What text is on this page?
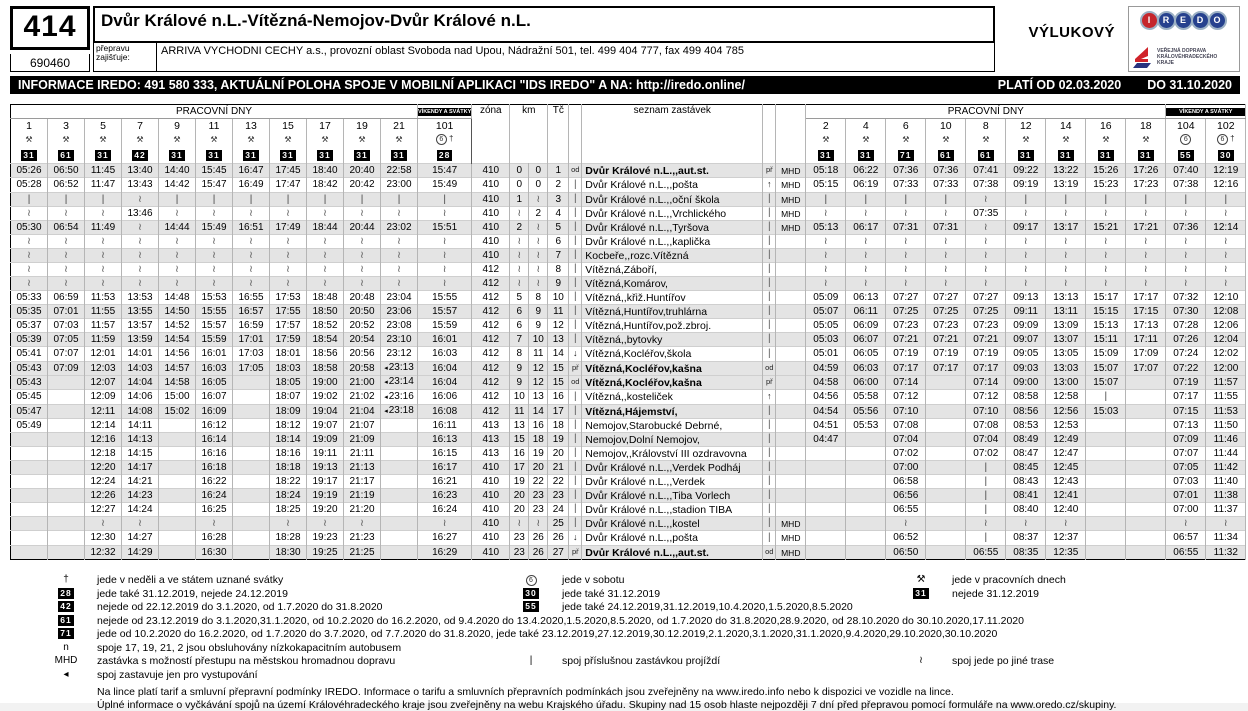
414
690460
Dvůr Králové n.L.-Vítězná-Nemojov-Dvůr Králové n.L.
VÝLUKOVÝ
přepravu zajišťuje:	ARRIVA VYCHODNI CECHY a.s., provozní oblast Svoboda nad Upou, Nádražní 501, tel. 499 404 777, fax 499 404 785
I	R	E	D	O
VEŘEJNÁ DOPRAVA
KRÁLOVÉHRADECKÉHO
KRAJE
INFORMACE IREDO: 491 580 333, AKTUÁLNÍ POLOHA SPOJE V MOBILNÍ APLIKACI "IDS IREDO" A NA: http://iredo.online/	PLATÍ OD 02.03.2020 DO 31.10.2020
PRACOVNÍ DNY											VÍKENDY A SVÁTKY	zóna	km		Tč		seznam zastávek			PRACOVNÍ DNY									VÍKENDY A SVÁTKY	

1	3	5	7	9	11	13	15	17	19	21	101									2	4	6	10	8	12	14	16	18	104	102
⚒	⚒	⚒	⚒	⚒	⚒	⚒	⚒	⚒	⚒	⚒	6 †									⚒	⚒	⚒	⚒	⚒	⚒	⚒	⚒	⚒	6	6 †
31	61	31	42	31	31	31	31	31	31	31	28									31	31	71	61	61	31	31	31	31	55	30
05:26	06:50	11:45	13:40	14:40	15:45	16:47	17:45	18:40	20:40	22:58	15:47	410	0	0	1	od	Dvůr Králové n.L.,,aut.st.	př	MHD	05:18	06:22	07:36	07:36	07:41	09:22	13:22	15:26	17:26	07:40	12:19
05:28	06:52	11:47	13:43	14:42	15:47	16:49	17:47	18:42	20:42	23:00	15:49	410	0	0	2	|	Dvůr Králové n.L.,,pošta	↑	MHD	05:15	06:19	07:33	07:33	07:38	09:19	13:19	15:23	17:23	07:38	12:16
|	|	|	≀	|	|	|	|	|	|	|	|	410	1	≀	3	|	Dvůr Králové n.L.,,oční škola	|	MHD	|	|	|	|	≀	|	|	|	|	|	|
≀	≀	≀	13:46	≀	≀	≀	≀	≀	≀	≀	≀	410	≀	2	4	|	Dvůr Králové n.L.,,Vrchlického	|	MHD	≀	≀	≀	≀	07:35	≀	≀	≀	≀	≀	≀
05:30	06:54	11:49	≀	14:44	15:49	16:51	17:49	18:44	20:44	23:02	15:51	410	2	≀	5	|	Dvůr Králové n.L.,,Tyršova	|	MHD	05:13	06:17	07:31	07:31	≀	09:17	13:17	15:21	17:21	07:36	12:14
≀	≀	≀	≀	≀	≀	≀	≀	≀	≀	≀	≀	410	≀	≀	6	|	Dvůr Králové n.L.,,kaplička	|		≀	≀	≀	≀	≀	≀	≀	≀	≀	≀	≀
≀	≀	≀	≀	≀	≀	≀	≀	≀	≀	≀	≀	410	≀	≀	7	|	Kocbeře,,rozc.Vítězná	|		≀	≀	≀	≀	≀	≀	≀	≀	≀	≀	≀
≀	≀	≀	≀	≀	≀	≀	≀	≀	≀	≀	≀	412	≀	≀	8	|	Vítězná,Záboří,	|		≀	≀	≀	≀	≀	≀	≀	≀	≀	≀	≀
≀	≀	≀	≀	≀	≀	≀	≀	≀	≀	≀	≀	412	≀	≀	9	|	Vítězná,Komárov,	|		≀	≀	≀	≀	≀	≀	≀	≀	≀	≀	≀
05:33	06:59	11:53	13:53	14:48	15:53	16:55	17:53	18:48	20:48	23:04	15:55	412	5	8	10	|	Vítězná,,křiž.Huntířov	|		05:09	06:13	07:27	07:27	07:27	09:13	13:13	15:17	17:17	07:32	12:10
05:35	07:01	11:55	13:55	14:50	15:55	16:57	17:55	18:50	20:50	23:06	15:57	412	6	9	11	|	Vítězná,Huntířov,truhlárna	|		05:07	06:11	07:25	07:25	07:25	09:11	13:11	15:15	17:15	07:30	12:08
05:37	07:03	11:57	13:57	14:52	15:57	16:59	17:57	18:52	20:52	23:08	15:59	412	6	9	12	|	Vítězná,Huntířov,pož.zbroj.	|		05:05	06:09	07:23	07:23	07:23	09:09	13:09	15:13	17:13	07:28	12:06
05:39	07:05	11:59	13:59	14:54	15:59	17:01	17:59	18:54	20:54	23:10	16:01	412	7	10	13	|	Vítězná,,bytovky	|		05:03	06:07	07:21	07:21	07:21	09:07	13:07	15:11	17:11	07:26	12:04
05:41	07:07	12:01	14:01	14:56	16:01	17:03	18:01	18:56	20:56	23:12	16:03	412	8	11	14	↓	Vítězná,Kocléřov,škola	|		05:01	06:05	07:19	07:19	07:19	09:05	13:05	15:09	17:09	07:24	12:02
05:43	07:09	12:03	14:03	14:57	16:03	17:05	18:03	18:58	20:58	◂23:13	16:04	412	9	12	15	př	Vítězná,Kocléřov,kašna	od		04:59	06:03	07:17	07:17	07:17	09:03	13:03	15:07	17:07	07:22	12:00
05:43		12:07	14:04	14:58	16:05		18:05	19:00	21:00	◂23:14	16:04	412	9	12	15	od	Vítězná,Kocléřov,kašna	př		04:58	06:00	07:14		07:14	09:00	13:00	15:07		07:19	11:57
05:45		12:09	14:06	15:00	16:07		18:07	19:02	21:02	◂23:16	16:06	412	10	13	16	|	Vítězná,,kosteliček	↑		04:56	05:58	07:12		07:12	08:58	12:58	|		07:17	11:55
05:47		12:11	14:08	15:02	16:09		18:09	19:04	21:04	◂23:18	16:08	412	11	14	17	|	Vítězná,Hájemství,	|		04:54	05:56	07:10		07:10	08:56	12:56	15:03		07:15	11:53
05:49		12:14	14:11		16:12		18:12	19:07	21:07		16:11	413	13	16	18	|	Nemojov,Starobucké Debrné,	|		04:51	05:53	07:08		07:08	08:53	12:53			07:13	11:50
		12:16	14:13		16:14		18:14	19:09	21:09		16:13	413	15	18	19	|	Nemojov,Dolní Nemojov,	|		04:47		07:04		07:04	08:49	12:49			07:09	11:46
		12:18	14:15		16:16		18:16	19:11	21:11		16:15	413	16	19	20	|	Nemojov,,Království III ozdravovna	|				07:02		07:02	08:47	12:47			07:07	11:44
		12:20	14:17		16:18		18:18	19:13	21:13		16:17	410	17	20	21	|	Dvůr Králové n.L.,,Verdek Podháj	|				07:00		|	08:45	12:45			07:05	11:42
		12:24	14:21		16:22		18:22	19:17	21:17		16:21	410	19	22	22	|	Dvůr Králové n.L.,,Verdek	|				06:58		|	08:43	12:43			07:03	11:40
		12:26	14:23		16:24		18:24	19:19	21:19		16:23	410	20	23	23	|	Dvůr Králové n.L.,,Tiba Vorlech	|				06:56		|	08:41	12:41			07:01	11:38
		12:27	14:24		16:25		18:25	19:20	21:20		16:24	410	20	23	24	|	Dvůr Králové n.L.,,stadion TIBA	|				06:55		|	08:40	12:40			07:00	11:37
		≀	≀		≀		≀	≀	≀		≀	410	≀	≀	25	|	Dvůr Králové n.L.,,kostel	|	MHD			≀		≀	≀	≀			≀	≀
		12:30	14:27		16:28		18:28	19:23	21:23		16:27	410	23	26	26	↓	Dvůr Králové n.L.,,pošta	|	MHD			06:52		|	08:37	12:37			06:57	11:34
		12:32	14:29		16:30		18:30	19:25	21:25		16:29	410	23	26	27	př	Dvůr Králové n.L.,,aut.st.	od	MHD			06:50		06:55	08:35	12:35			06:55	11:32
†	jede v neděli a ve státem uznané svátky	6	jede v sobotu	⚒	jede v pracovních dnech
28	jede také 31.12.2019, nejede 24.12.2019	30	jede také 31.12.2019	31	nejede 31.12.2019
42	nejede od 22.12.2019 do 3.1.2020, od 1.7.2020 do 31.8.2020	55	jede také 24.12.2019,31.12.2019,10.4.2020,1.5.2020,8.5.2020
61	nejede od 23.12.2019 do 3.1.2020,31.1.2020, od 10.2.2020 do 16.2.2020, od 9.4.2020 do 13.4.2020,1.5.2020,8.5.2020, od 1.7.2020 do 31.8.2020,28.9.2020, od 28.10.2020 do 30.10.2020,17.11.2020
71	jede od 10.2.2020 do 16.2.2020, od 1.7.2020 do 3.7.2020, od 7.7.2020 do 31.8.2020, jede také 23.12.2019,27.12.2019,30.12.2019,2.1.2020,3.1.2020,31.1.2020,9.4.2020,29.10.2020,30.10.2020
n	spoje 17, 19, 21, 2 jsou obsluhovány nízkokapacitním autobusem
MHD	zastávka s možností přestupu na městskou hromadnou dopravu	|	spoj příslušnou zastávkou projíždí	≀	spoj jede po jiné trase
◂	spoj zastavuje jen pro vystupování
Na lince platí tarif a smluvní přepravní podmínky IREDO. Informace o tarifu a smluvních přepravních podmínkách jsou zveřejněny na www.iredo.info nebo k dispozici ve vozidle na lince.
Úplné informace o vyčkávání spojů na území Královéhradeckého kraje jsou zveřejněny na webu Krajského úřadu. Skupiny nad 15 osob hlaste nejpozději 7 dní před přepravou pomocí formuláře na www.oredo.cz/skupiny.
